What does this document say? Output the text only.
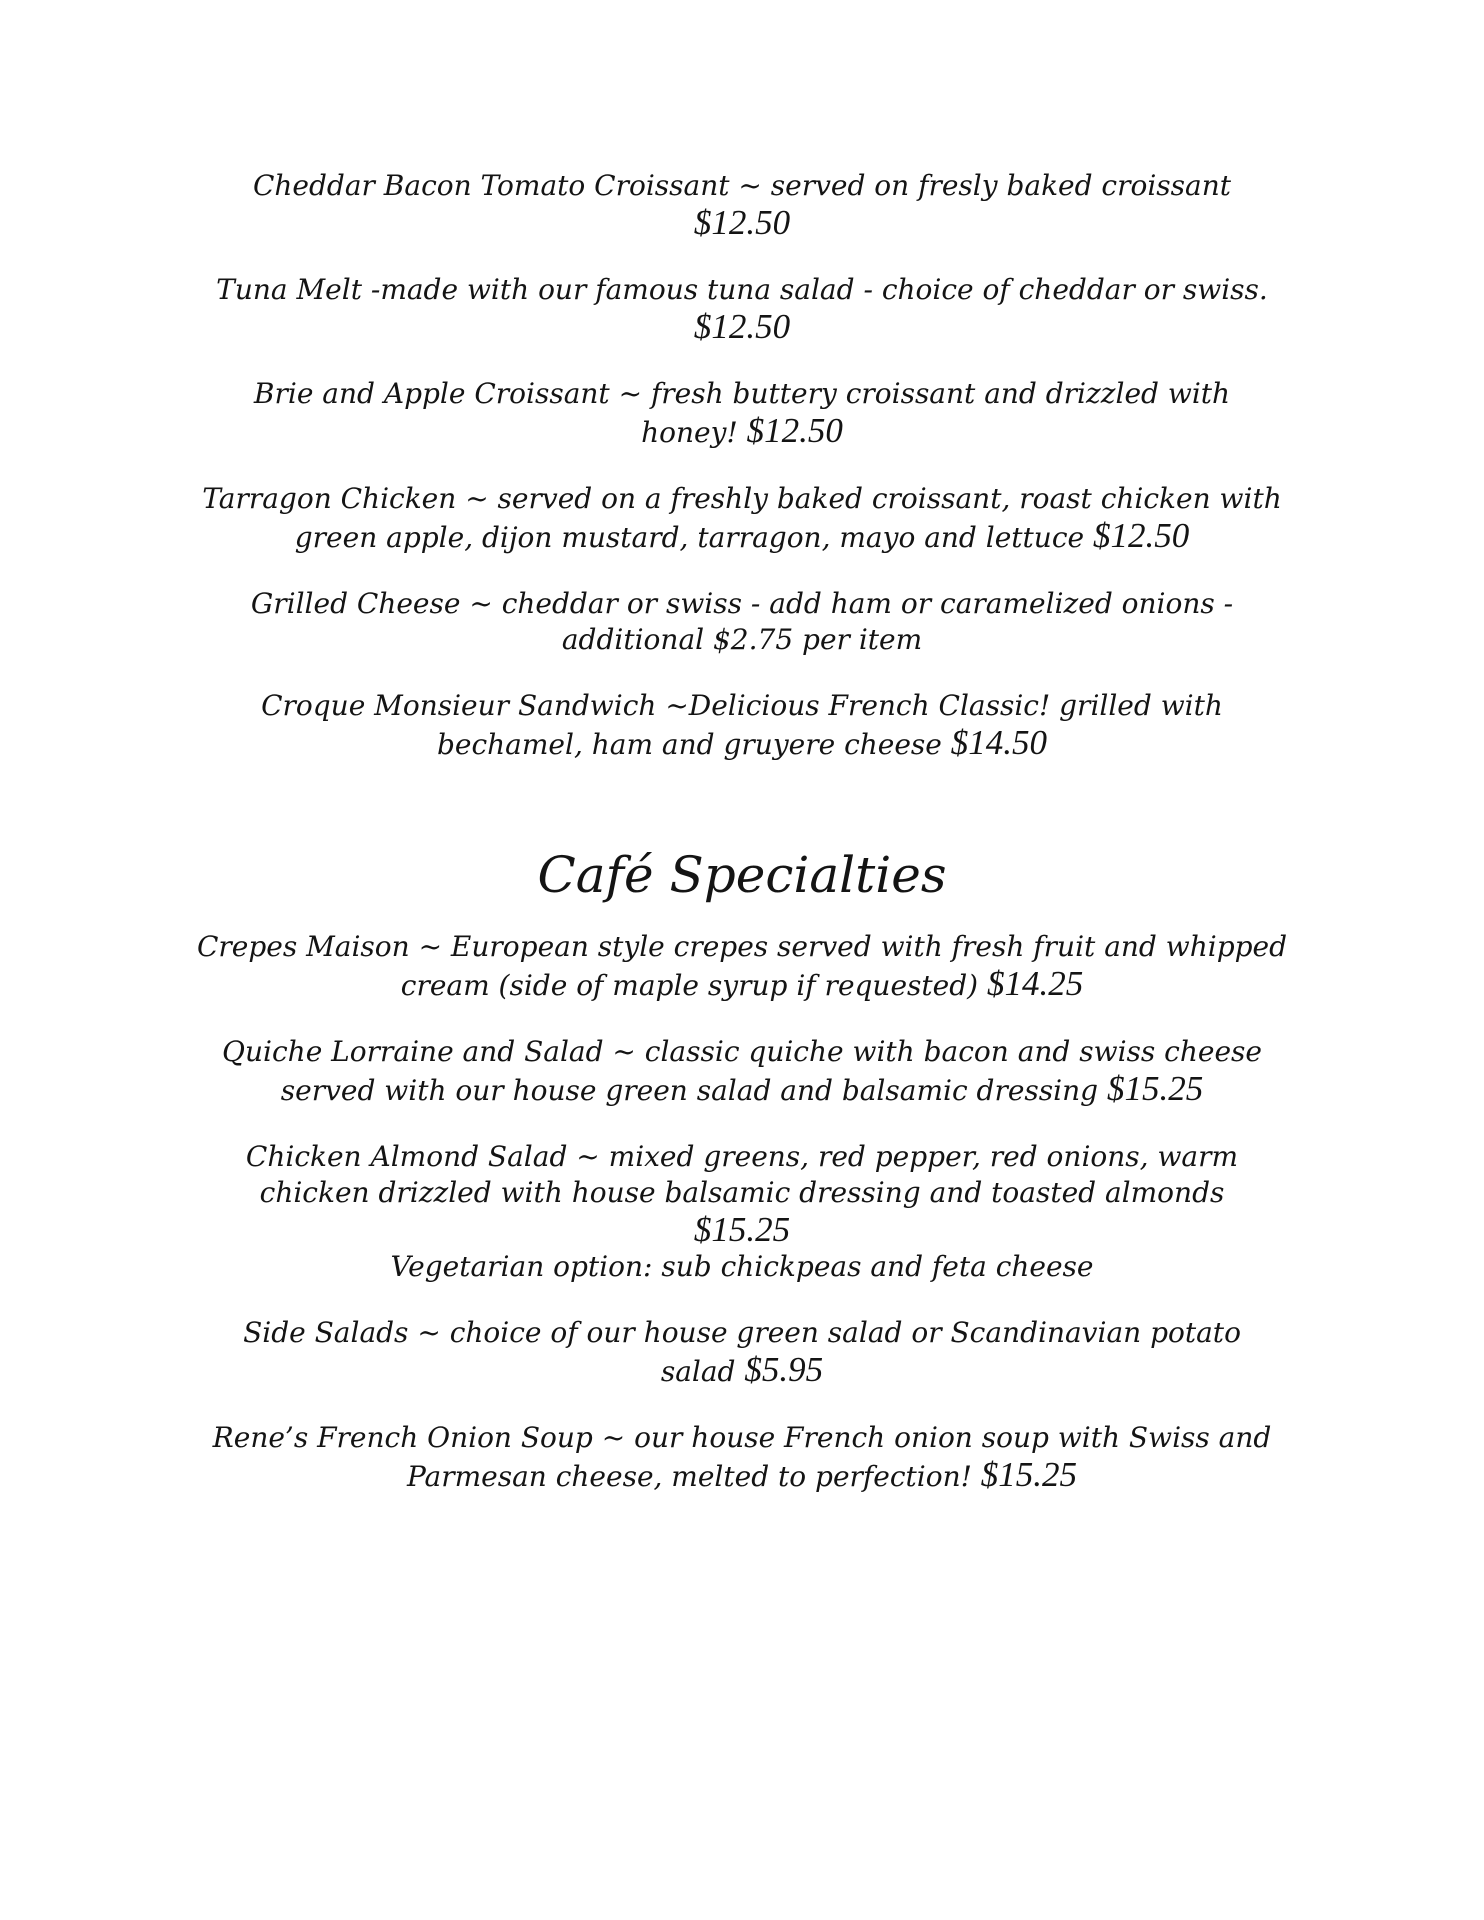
Cheddar Bacon Tomato Croissant ~ served on fresly baked croissant
$12.50
Tuna Melt -made with our famous tuna salad - choice of cheddar or swiss.
$12.50
Brie and Apple Croissant ~ fresh buttery croissant and drizzled with
honey! $12.50
Tarragon Chicken ~ served on a freshly baked croissant, roast chicken with
green apple, dijon mustard, tarragon, mayo and lettuce $12.50
Grilled Cheese ~ cheddar or swiss - add ham or caramelized onions -
additional $2.75 per item
Croque Monsieur Sandwich ~Delicious French Classic! grilled with
bechamel, ham and gruyere cheese $14.50
Café Specialties
Crepes Maison ~ European style crepes served with fresh fruit and whipped
cream (side of maple syrup if requested) $14.25
Quiche Lorraine and Salad ~ classic quiche with bacon and swiss cheese
served with our house green salad and balsamic dressing $15.25
Chicken Almond Salad ~ mixed greens, red pepper, red onions, warm
chicken drizzled with house balsamic dressing and toasted almonds
$15.25
Vegetarian option: sub chickpeas and feta cheese
Side Salads ~ choice of our house green salad or Scandinavian potato
salad $5.95
Rene’s French Onion Soup ~ our house French onion soup with Swiss and
Parmesan cheese, melted to perfection! $15.25
